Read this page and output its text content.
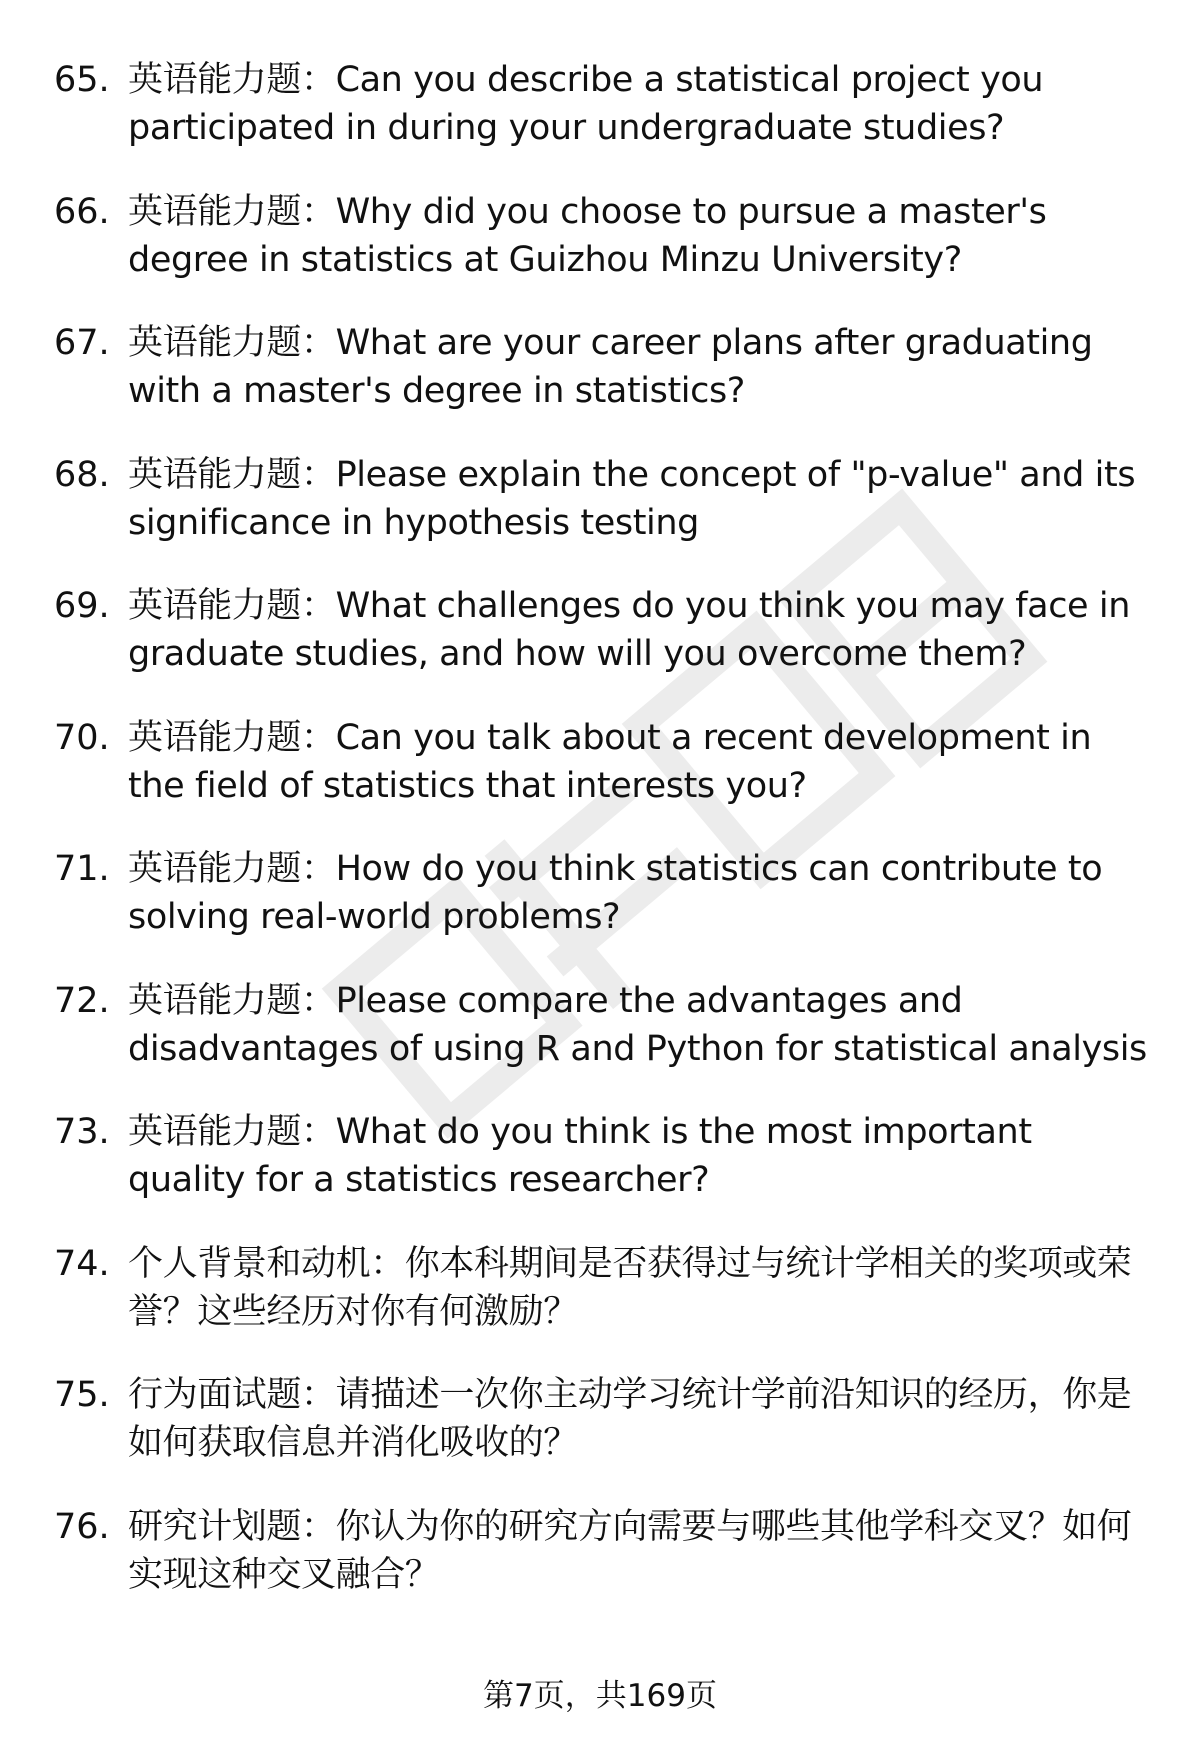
65. 英语能力题：Can you describe a statistical project you participated in during your undergraduate studies?
66. 英语能力题：Why did you choose to pursue a master's degree in statistics at Guizhou Minzu University?
67. 英语能力题：What are your career plans after graduating with a master's degree in statistics?
68. 英语能力题：Please explain the concept of "p-value" and its significance in hypothesis testing
69. 英语能力题：What challenges do you think you may face in graduate studies, and how will you overcome them?
70. 英语能力题：Can you talk about a recent development in the field of statistics that interests you?
71. 英语能力题：How do you think statistics can contribute to solving real-world problems?
72. 英语能力题：Please compare the advantages and disadvantages of using R and Python for statistical analysis
73. 英语能力题：What do you think is the most important quality for a statistics researcher?
74. 个人背景和动机：你本科期间是否获得过与统计学相关的奖项或荣誉？这些经历对你有何激励？
75. 行为面试题：请描述一次你主动学习统计学前沿知识的经历，你是如何获取信息并消化吸收的？
76. 研究计划题：你认为你的研究方向需要与哪些其他学科交叉？如何实现这种交叉融合？
第7页，共169页
